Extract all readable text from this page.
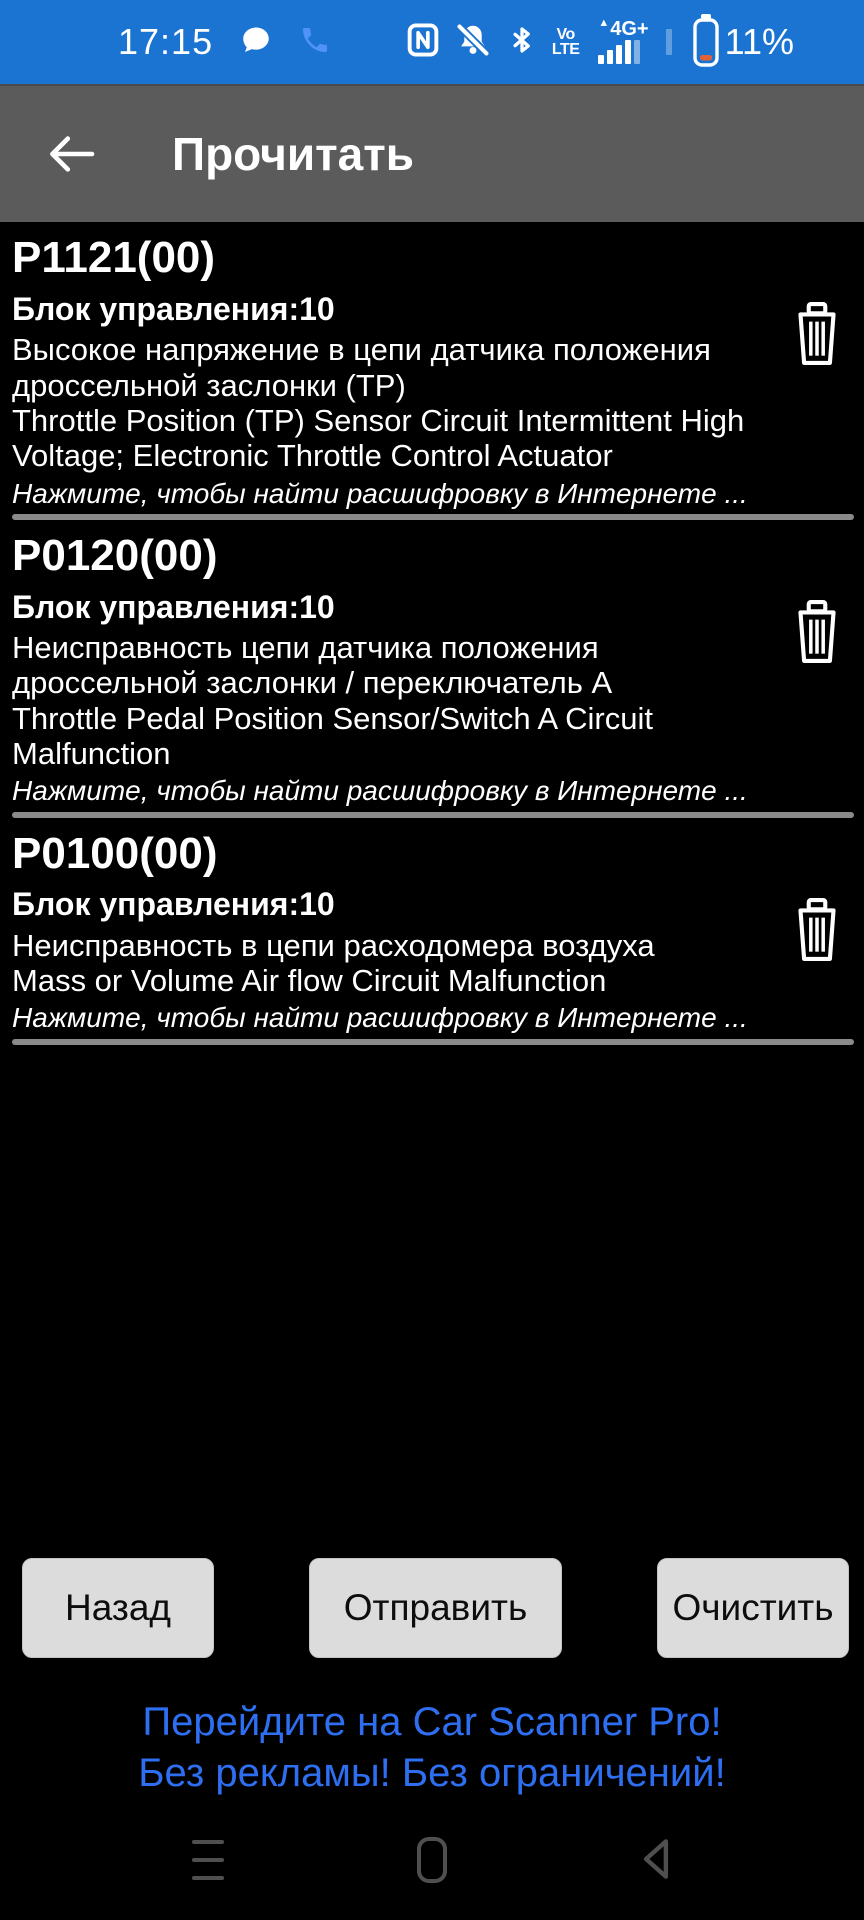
17:15	Vo
LTE
▲ 4G+ 11%
Прочитать
P1121(00)
Блок управления:10
Высокое напряжение в цепи датчика положения дроссельной заслонки (TP)
Throttle Position (TP) Sensor Circuit Intermittent High Voltage; Electronic Throttle Control Actuator
Нажмите, чтобы найти расшифровку в Интернете ...
P0120(00)
Блок управления:10
Неисправность цепи датчика положения дроссельной заслонки / переключатель А
Throttle Pedal Position Sensor/Switch A Circuit Malfunction
Нажмите, чтобы найти расшифровку в Интернете ...
P0100(00)
Блок управления:10
Неисправность в цепи расходомера воздуха
Mass or Volume Air flow Circuit Malfunction
Нажмите, чтобы найти расшифровку в Интернете ...
Назад	Отправить	Очистить
Перейдите на Car Scanner Pro!
Без рекламы! Без ограничений!
